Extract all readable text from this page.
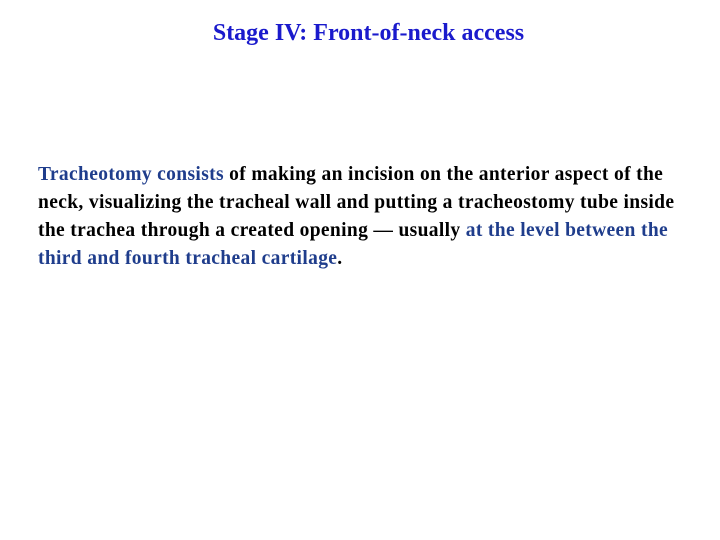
Stage IV: Front-of-neck access

Tracheotomy consists of making an incision on the anterior aspect of the neck, visualizing the tracheal wall and putting a tracheostomy tube inside the trachea through a created opening — usually at the level between the third and fourth tracheal cartilage.
